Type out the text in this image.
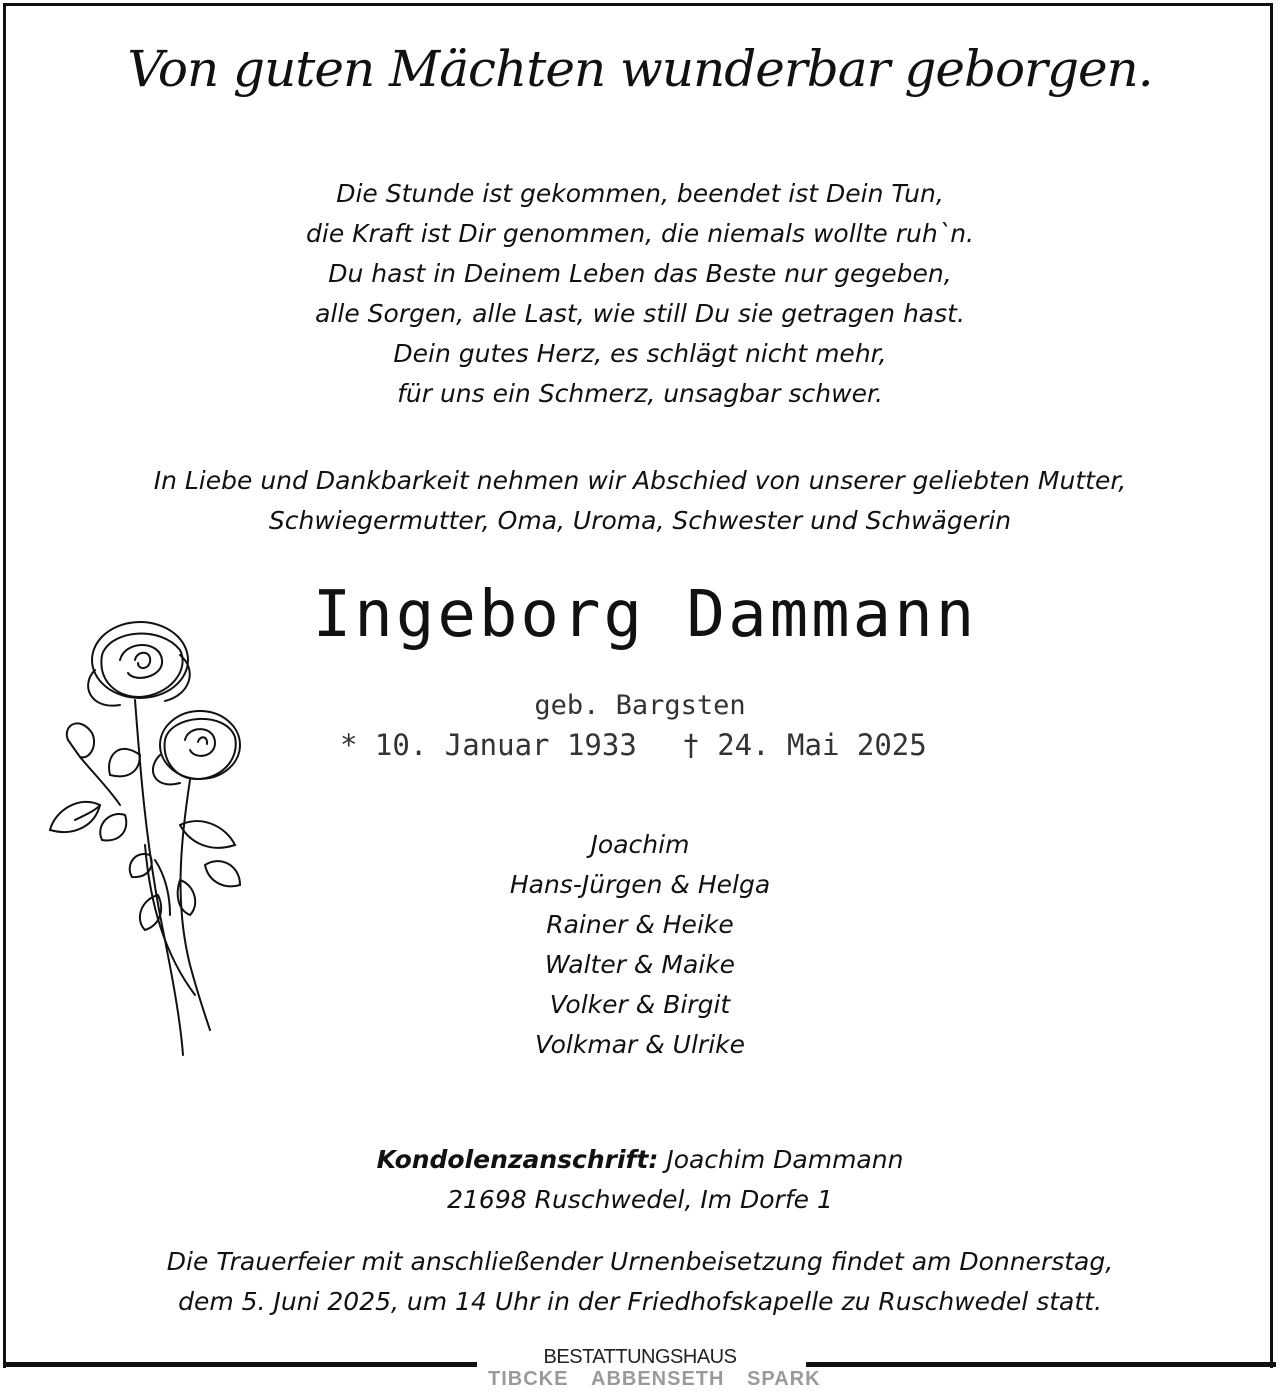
Von guten Mächten wunderbar geborgen.
Die Stunde ist gekommen, beendet ist Dein Tun,
die Kraft ist Dir genommen, die niemals wollte ruh`n.
Du hast in Deinem Leben das Beste nur gegeben,
alle Sorgen, alle Last, wie still Du sie getragen hast.
Dein gutes Herz, es schlägt nicht mehr,
für uns ein Schmerz, unsagbar schwer.
In Liebe und Dankbarkeit nehmen wir Abschied von unserer geliebten Mutter,
Schwiegermutter, Oma, Uroma, Schwester und Schwägerin
Ingeborg Dammann
geb. Bargsten
* 10. Januar 1933 † 24. Mai 2025
Joachim
Hans-Jürgen & Helga
Rainer & Heike
Walter & Maike
Volker & Birgit
Volkmar & Ulrike
Kondolenzanschrift: Joachim Dammann
21698 Ruschwedel, Im Dorfe 1
Die Trauerfeier mit anschließender Urnenbeisetzung findet am Donnerstag,
dem 5. Juni 2025, um 14 Uhr in der Friedhofskapelle zu Ruschwedel statt.
BESTATTUNGSHAUS
TIBCKE ABBENSETH SPARK
